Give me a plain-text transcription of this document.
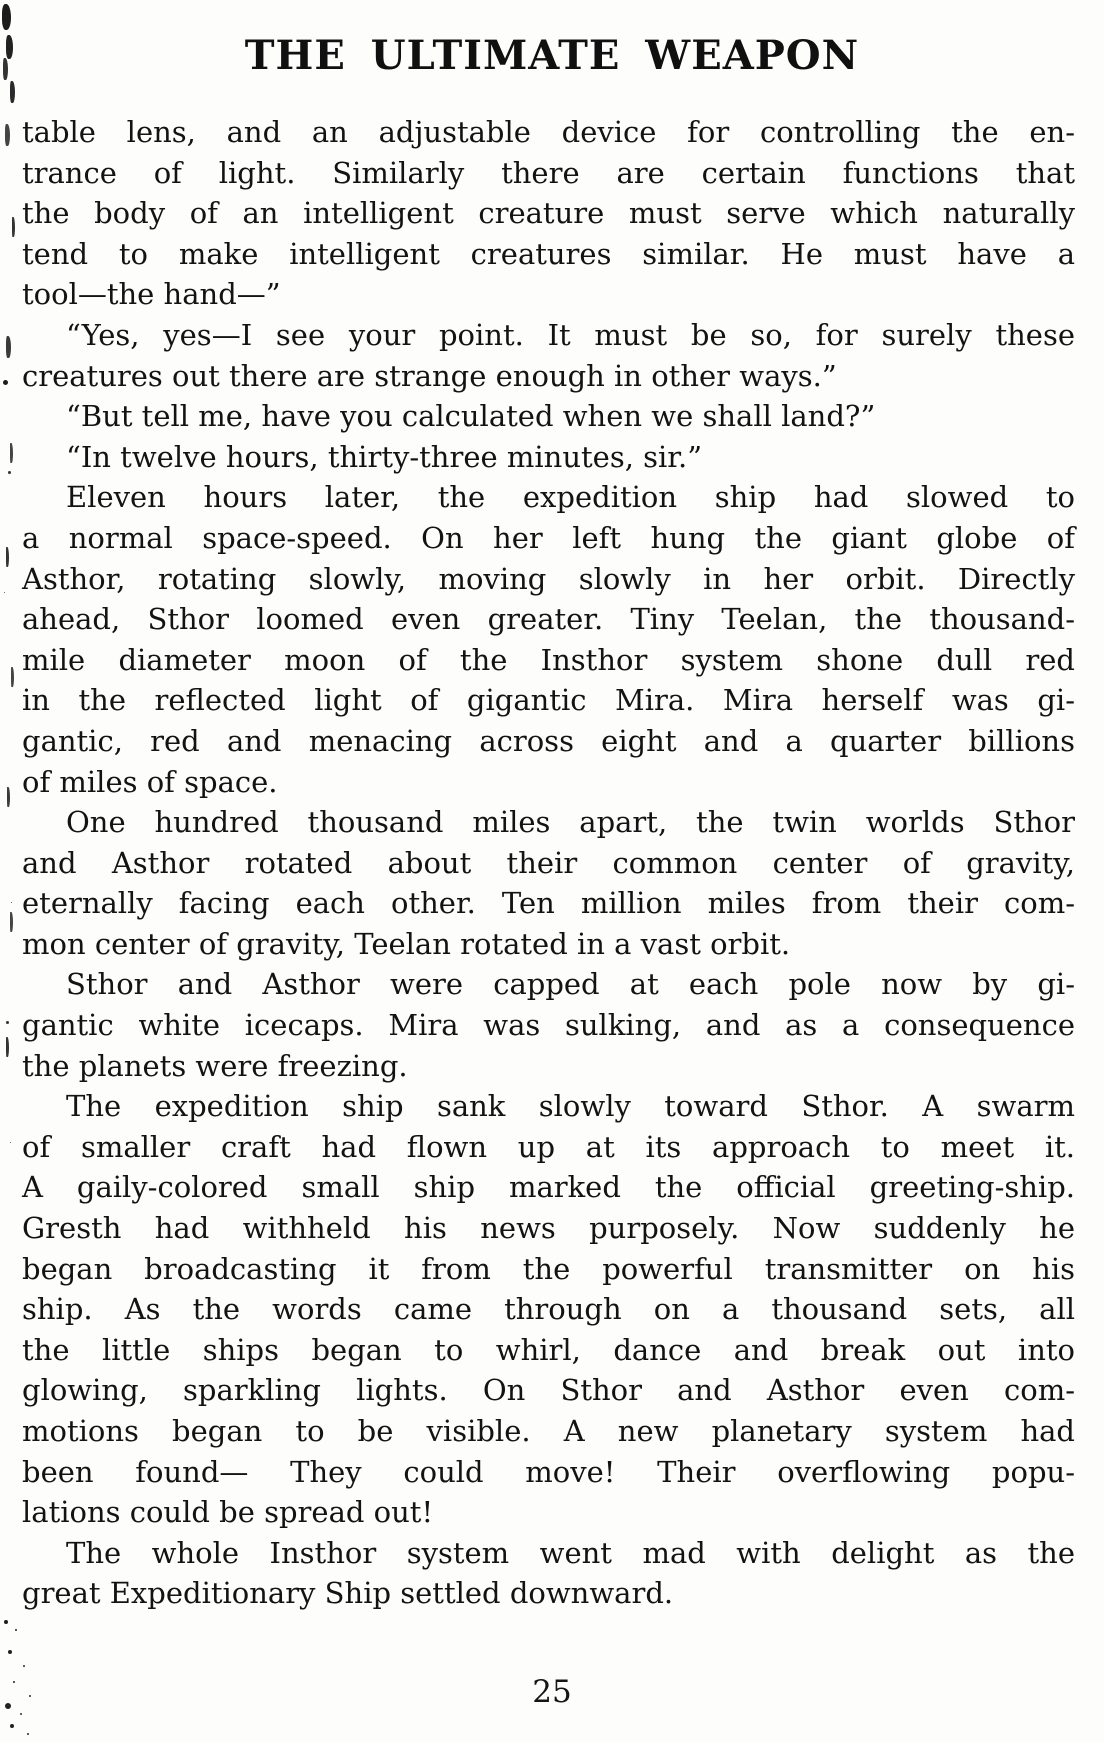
THE ULTIMATE WEAPON
table lens, and an adjustable device for controlling the en-
trance of light. Similarly there are certain functions that
the body of an intelligent creature must serve which naturally
tend to make intelligent creatures similar. He must have a
tool—the hand—”
“Yes, yes—I see your point. It must be so, for surely these
creatures out there are strange enough in other ways.”
“But tell me, have you calculated when we shall land?”
“In twelve hours, thirty-three minutes, sir.”
Eleven hours later, the expedition ship had slowed to
a normal space-speed. On her left hung the giant globe of
Asthor, rotating slowly, moving slowly in her orbit. Directly
ahead, Sthor loomed even greater. Tiny Teelan, the thousand-
mile diameter moon of the Insthor system shone dull red
in the reflected light of gigantic Mira. Mira herself was gi-
gantic, red and menacing across eight and a quarter billions
of miles of space.
One hundred thousand miles apart, the twin worlds Sthor
and Asthor rotated about their common center of gravity,
eternally facing each other. Ten million miles from their com-
mon center of gravity, Teelan rotated in a vast orbit.
Sthor and Asthor were capped at each pole now by gi-
gantic white icecaps. Mira was sulking, and as a consequence
the planets were freezing.
The expedition ship sank slowly toward Sthor. A swarm
of smaller craft had flown up at its approach to meet it.
A gaily-colored small ship marked the official greeting-ship.
Gresth had withheld his news purposely. Now suddenly he
began broadcasting it from the powerful transmitter on his
ship. As the words came through on a thousand sets, all
the little ships began to whirl, dance and break out into
glowing, sparkling lights. On Sthor and Asthor even com-
motions began to be visible. A new planetary system had
been found— They could move! Their overflowing popu-
lations could be spread out!
The whole Insthor system went mad with delight as the
great Expeditionary Ship settled downward.
25
